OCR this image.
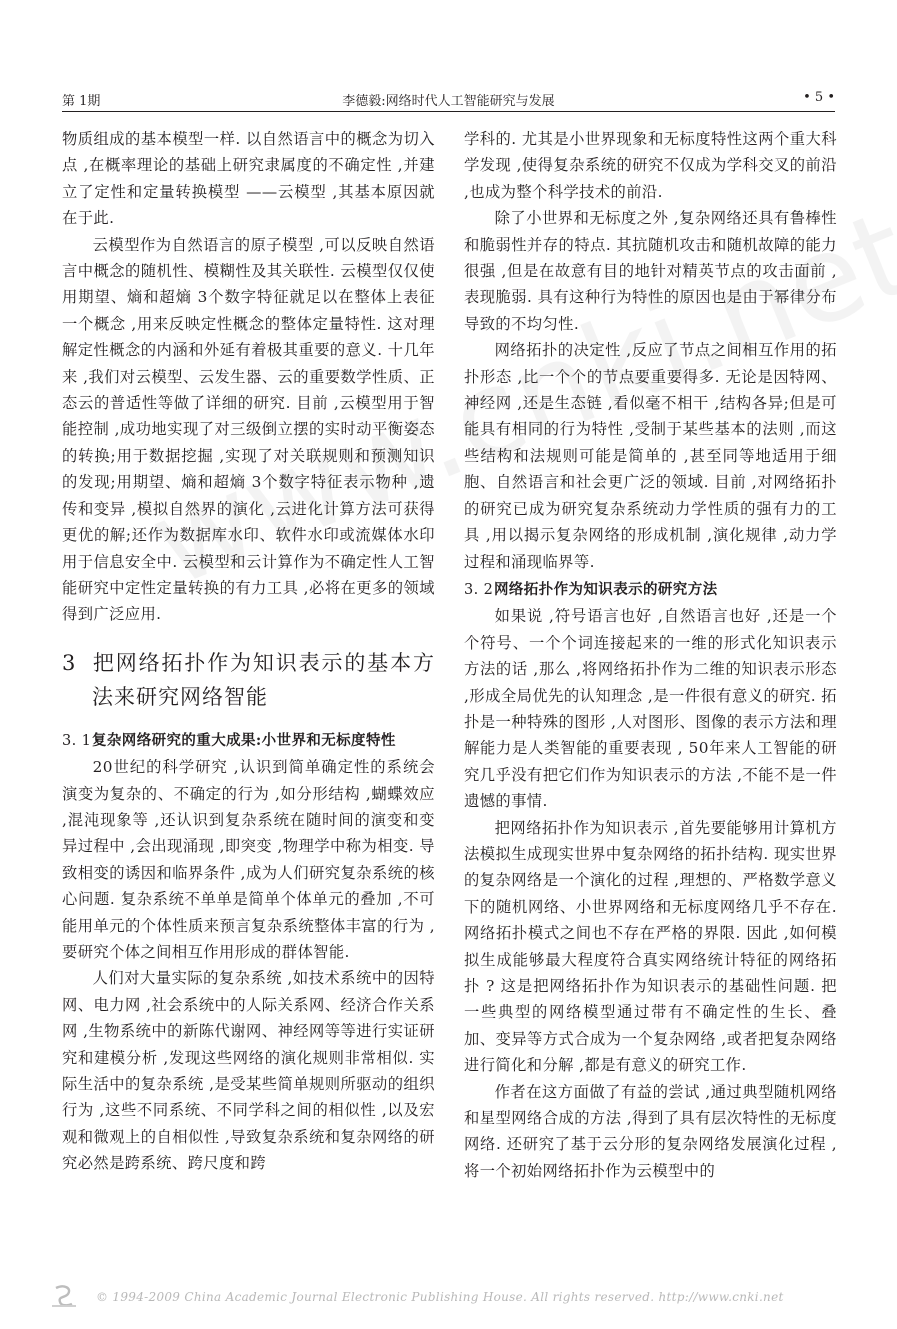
第 1期	李德毅:网络时代人工智能研究与发展	• 5 •

物质组成的基本模型一样. 以自然语言中的概念为切入点 ,在概率理论的基础上研究隶属度的不确定性 ,并建立了定性和定量转换模型 ——云模型 ,其基本原因就在于此.

云模型作为自然语言的原子模型 ,可以反映自然语言中概念的随机性、模糊性及其关联性. 云模型仅仅使用期望、熵和超熵 3个数字特征就足以在整体上表征一个概念 ,用来反映定性概念的整体定量特性. 这对理解定性概念的内涵和外延有着极其重要的意义. 十几年来 ,我们对云模型、云发生器、云的重要数学性质、正态云的普适性等做了详细的研究. 目前 ,云模型用于智能控制 ,成功地实现了对三级倒立摆的实时动平衡姿态的转换;用于数据挖掘 ,实现了对关联规则和预测知识的发现;用期望、熵和超熵 3个数字特征表示物种 ,遗传和变异 ,模拟自然界的演化 ,云进化计算方法可获得更优的解;还作为数据库水印、软件水印或流媒体水印用于信息安全中. 云模型和云计算作为不确定性人工智能研究中定性定量转换的有力工具 ,必将在更多的领域得到广泛应用.

3 把网络拓扑作为知识表示的基本方法来研究网络智能
3. 1复杂网络研究的重大成果:小世界和无标度特性

20世纪的科学研究 ,认识到简单确定性的系统会演变为复杂的、不确定的行为 ,如分形结构 ,蝴蝶效应 ,混沌现象等 ,还认识到复杂系统在随时间的演变和变异过程中 ,会出现涌现 ,即突变 ,物理学中称为相变. 导致相变的诱因和临界条件 ,成为人们研究复杂系统的核心问题. 复杂系统不单单是简单个体单元的叠加 ,不可能用单元的个体性质来预言复杂系统整体丰富的行为 ,要研究个体之间相互作用形成的群体智能.

人们对大量实际的复杂系统 ,如技术系统中的因特网、电力网 ,社会系统中的人际关系网、经济合作关系网 ,生物系统中的新陈代谢网、神经网等等进行实证研究和建模分析 ,发现这些网络的演化规则非常相似. 实际生活中的复杂系统 ,是受某些简单规则所驱动的组织行为 ,这些不同系统、不同学科之间的相似性 ,以及宏观和微观上的自相似性 ,导致复杂系统和复杂网络的研究必然是跨系统、跨尺度和跨

学科的. 尤其是小世界现象和无标度特性这两个重大科学发现 ,使得复杂系统的研究不仅成为学科交叉的前沿 ,也成为整个科学技术的前沿.

除了小世界和无标度之外 ,复杂网络还具有鲁棒性和脆弱性并存的特点. 其抗随机攻击和随机故障的能力很强 ,但是在故意有目的地针对精英节点的攻击面前 ,表现脆弱. 具有这种行为特性的原因也是由于幂律分布导致的不均匀性.

网络拓扑的决定性 ,反应了节点之间相互作用的拓扑形态 ,比一个个的节点要重要得多. 无论是因特网、神经网 ,还是生态链 ,看似毫不相干 ,结构各异;但是可能具有相同的行为特性 ,受制于某些基本的法则 ,而这些结构和法规则可能是简单的 ,甚至同等地适用于细胞、自然语言和社会更广泛的领域. 目前 ,对网络拓扑的研究已成为研究复杂系统动力学性质的强有力的工具 ,用以揭示复杂网络的形成机制 ,演化规律 ,动力学过程和涌现临界等.

3. 2网络拓扑作为知识表示的研究方法

如果说 ,符号语言也好 ,自然语言也好 ,还是一个个符号、一个个词连接起来的一维的形式化知识表示方法的话 ,那么 ,将网络拓扑作为二维的知识表示形态 ,形成全局优先的认知理念 ,是一件很有意义的研究. 拓扑是一种特殊的图形 ,人对图形、图像的表示方法和理解能力是人类智能的重要表现 , 50年来人工智能的研究几乎没有把它们作为知识表示的方法 ,不能不是一件遗憾的事情.

把网络拓扑作为知识表示 ,首先要能够用计算机方法模拟生成现实世界中复杂网络的拓扑结构. 现实世界的复杂网络是一个演化的过程 ,理想的、严格数学意义下的随机网络、小世界网络和无标度网络几乎不存在. 网络拓扑模式之间也不存在严格的界限. 因此 ,如何模拟生成能够最大程度符合真实网络统计特征的网络拓扑 ? 这是把网络拓扑作为知识表示的基础性问题. 把一些典型的网络模型通过带有不确定性的生长、叠加、变异等方式合成为一个复杂网络 ,或者把复杂网络进行简化和分解 ,都是有意义的研究工作.

作者在这方面做了有益的尝试 ,通过典型随机网络和星型网络合成的方法 ,得到了具有层次特性的无标度网络. 还研究了基于云分形的复杂网络发展演化过程 ,将一个初始网络拓扑作为云模型中的

© 1994-2009 China Academic Journal Electronic Publishing House. All rights reserved. http://www.cnki.net
